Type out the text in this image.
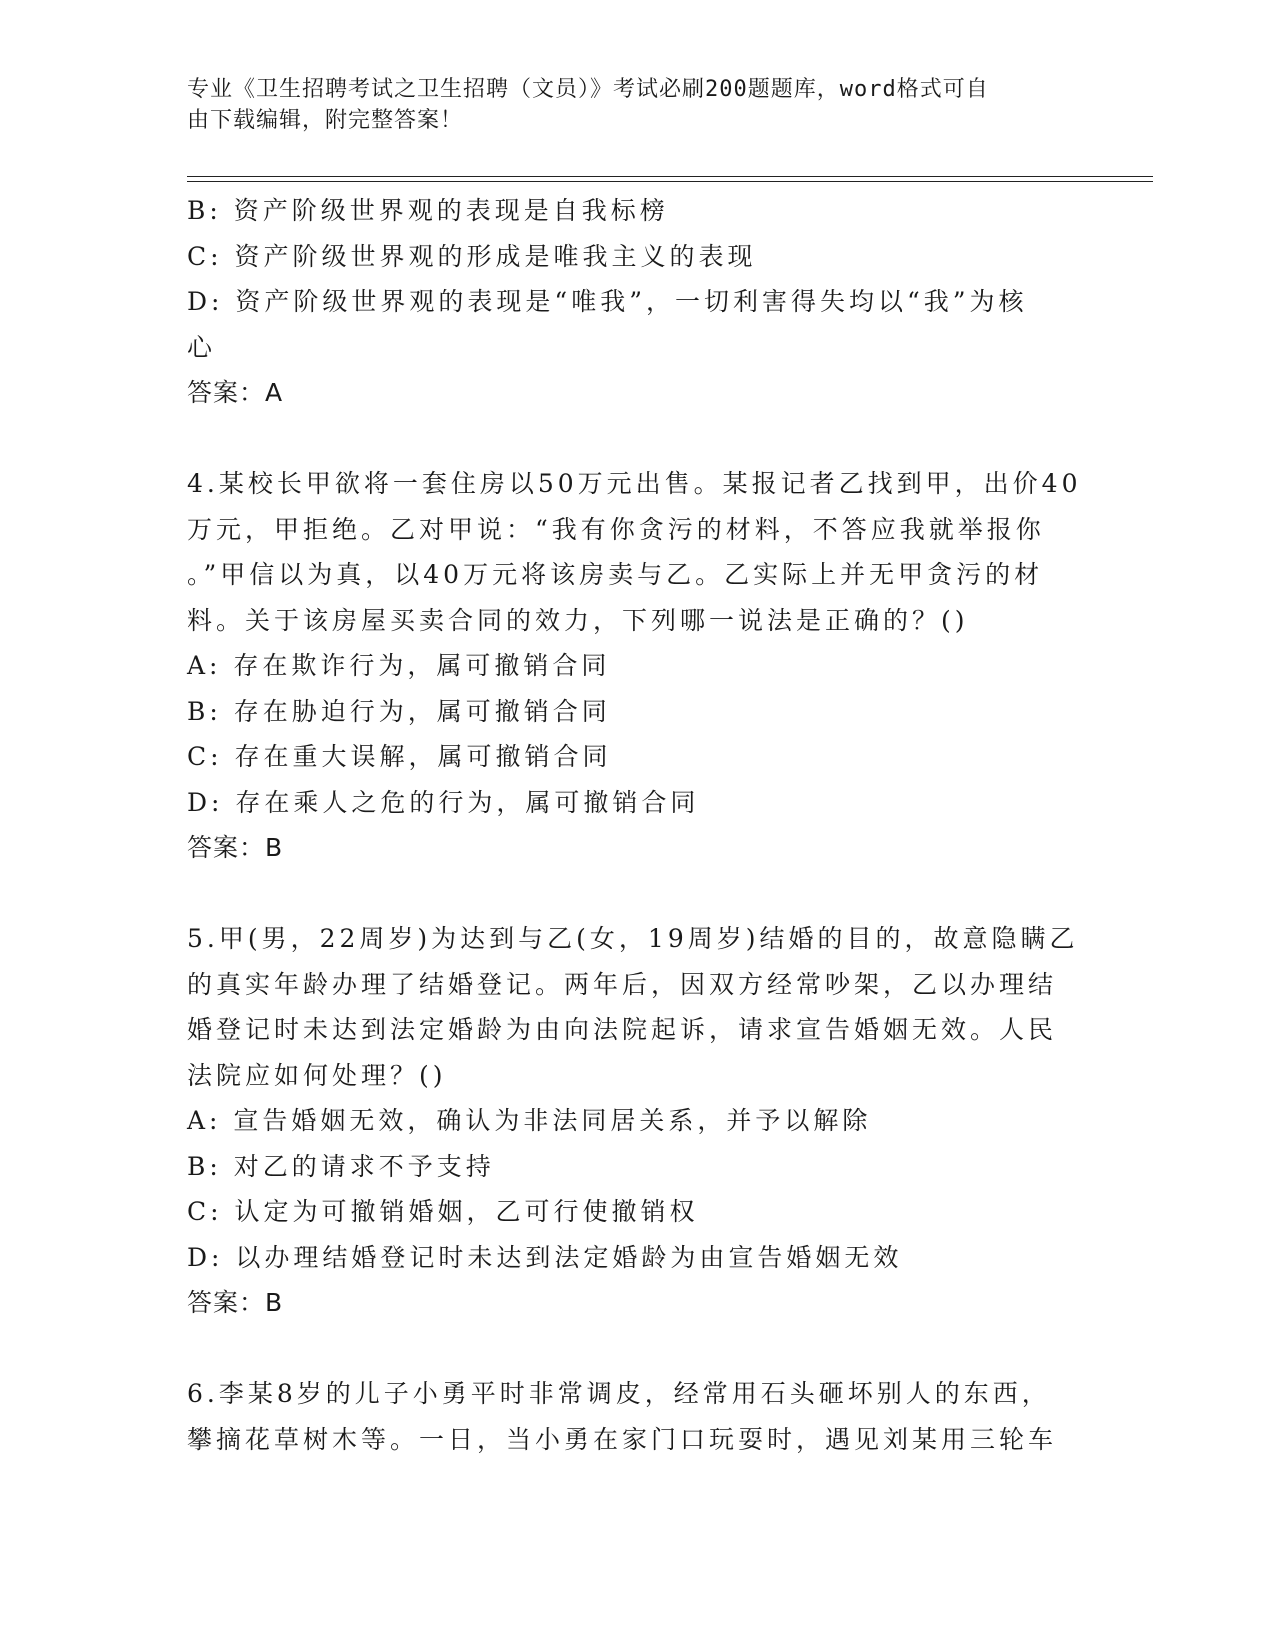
专业《卫生招聘考试之卫生招聘（文员）》考试必刷200题题库，word格式可自
由下载编辑，附完整答案！
B: 资产阶级世界观的表现是自我标榜
C: 资产阶级世界观的形成是唯我主义的表现
D: 资产阶级世界观的表现是“唯我”，一切利害得失均以“我”为核
心
答案：A
4.某校长甲欲将一套住房以50万元出售。某报记者乙找到甲，出价40
万元，甲拒绝。乙对甲说：“我有你贪污的材料，不答应我就举报你
。”甲信以为真，以40万元将该房卖与乙。乙实际上并无甲贪污的材
料。关于该房屋买卖合同的效力，下列哪一说法是正确的？()
A: 存在欺诈行为，属可撤销合同
B: 存在胁迫行为，属可撤销合同
C: 存在重大误解，属可撤销合同
D: 存在乘人之危的行为，属可撤销合同
答案：B
5.甲(男，22周岁)为达到与乙(女，19周岁)结婚的目的，故意隐瞒乙
的真实年龄办理了结婚登记。两年后，因双方经常吵架，乙以办理结
婚登记时未达到法定婚龄为由向法院起诉，请求宣告婚姻无效。人民
法院应如何处理？()
A: 宣告婚姻无效，确认为非法同居关系，并予以解除
B: 对乙的请求不予支持
C: 认定为可撤销婚姻，乙可行使撤销权
D: 以办理结婚登记时未达到法定婚龄为由宣告婚姻无效
答案：B
6.李某8岁的儿子小勇平时非常调皮，经常用石头砸坏别人的东西，
攀摘花草树木等。一日，当小勇在家门口玩耍时，遇见刘某用三轮车
